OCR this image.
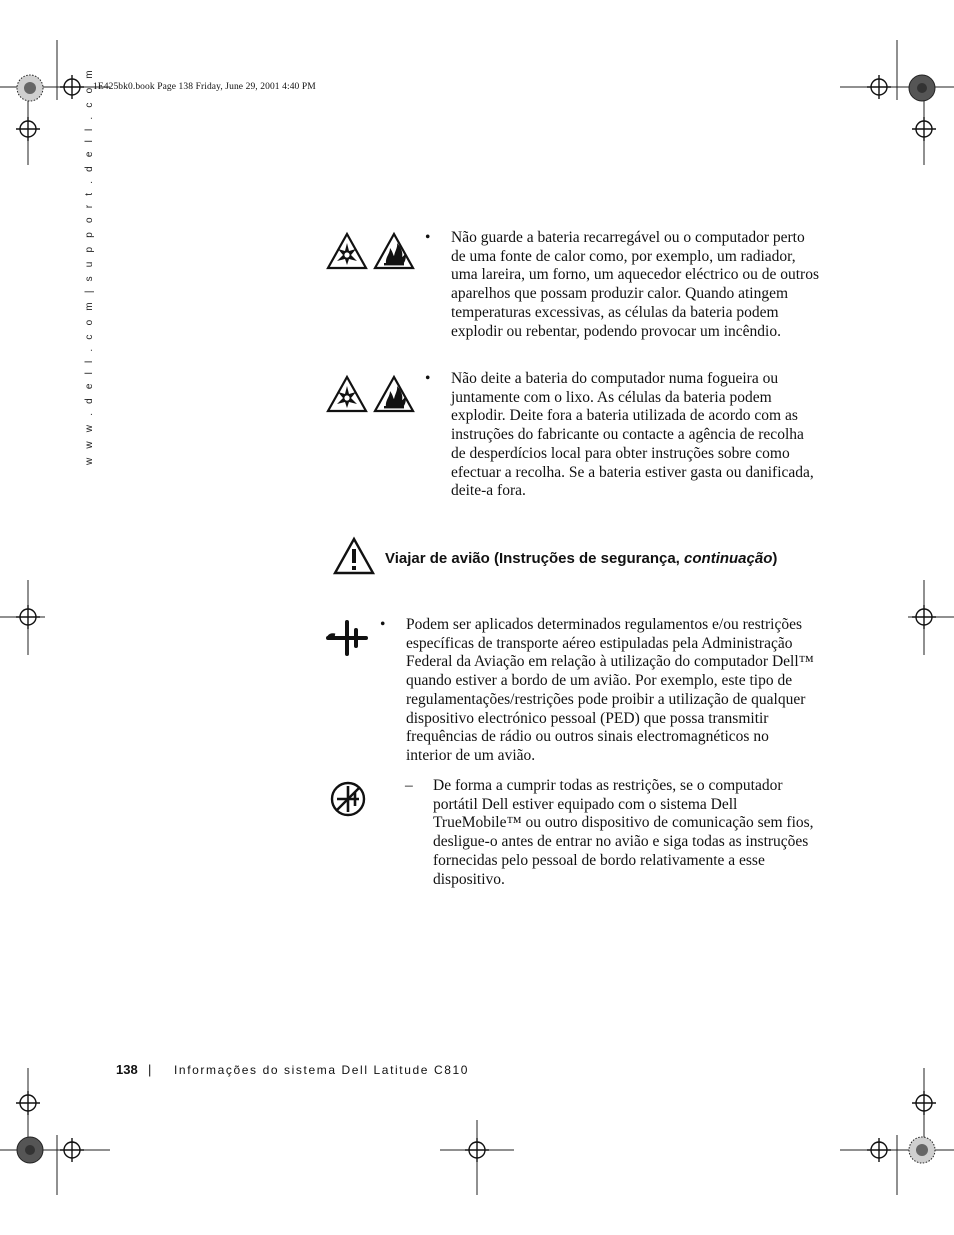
1E425bk0.book Page 138 Friday, June 29, 2001 4:40 PM
w w w . d e l l . c o m | s u p p o r t . d e l l . c o m	• Não guarde a bateria recarregável ou o computador perto de uma fonte de calor como, por exemplo, um radiador, uma lareira, um forno, um aquecedor eléctrico ou de outros aparelhos que possam produzir calor. Quando atingem temperaturas excessivas, as células da bateria podem explodir ou rebentar, podendo provocar um incêndio.
• Não deite a bateria do computador numa fogueira ou juntamente com o lixo. As células da bateria podem explodir. Deite fora a bateria utilizada de acordo com as instruções do fabricante ou contacte a agência de recolha de desperdícios local para obter instruções sobre como efectuar a recolha. Se a bateria estiver gasta ou danificada, deite-a fora.
Viajar de avião (Instruções de segurança, continuação)
• Podem ser aplicados determinados regulamentos e/ou restrições específicas de transporte aéreo estipuladas pela Administração Federal da Aviação em relação à utilização do computador Dell™ quando estiver a bordo de um avião. Por exemplo, este tipo de regulamentações/restrições pode proibir a utilização de qualquer dispositivo electrónico pessoal (PED) que possa transmitir frequências de rádio ou outros sinais electromagnéticos no interior de um avião.
– De forma a cumprir todas as restrições, se o computador portátil Dell estiver equipado com o sistema Dell TrueMobile™ ou outro dispositivo de comunicação sem fios, desligue-o antes de entrar no avião e siga todas as instruções fornecidas pelo pessoal de bordo relativamente a esse dispositivo.
138 | Informações do sistema Dell Latitude C810
